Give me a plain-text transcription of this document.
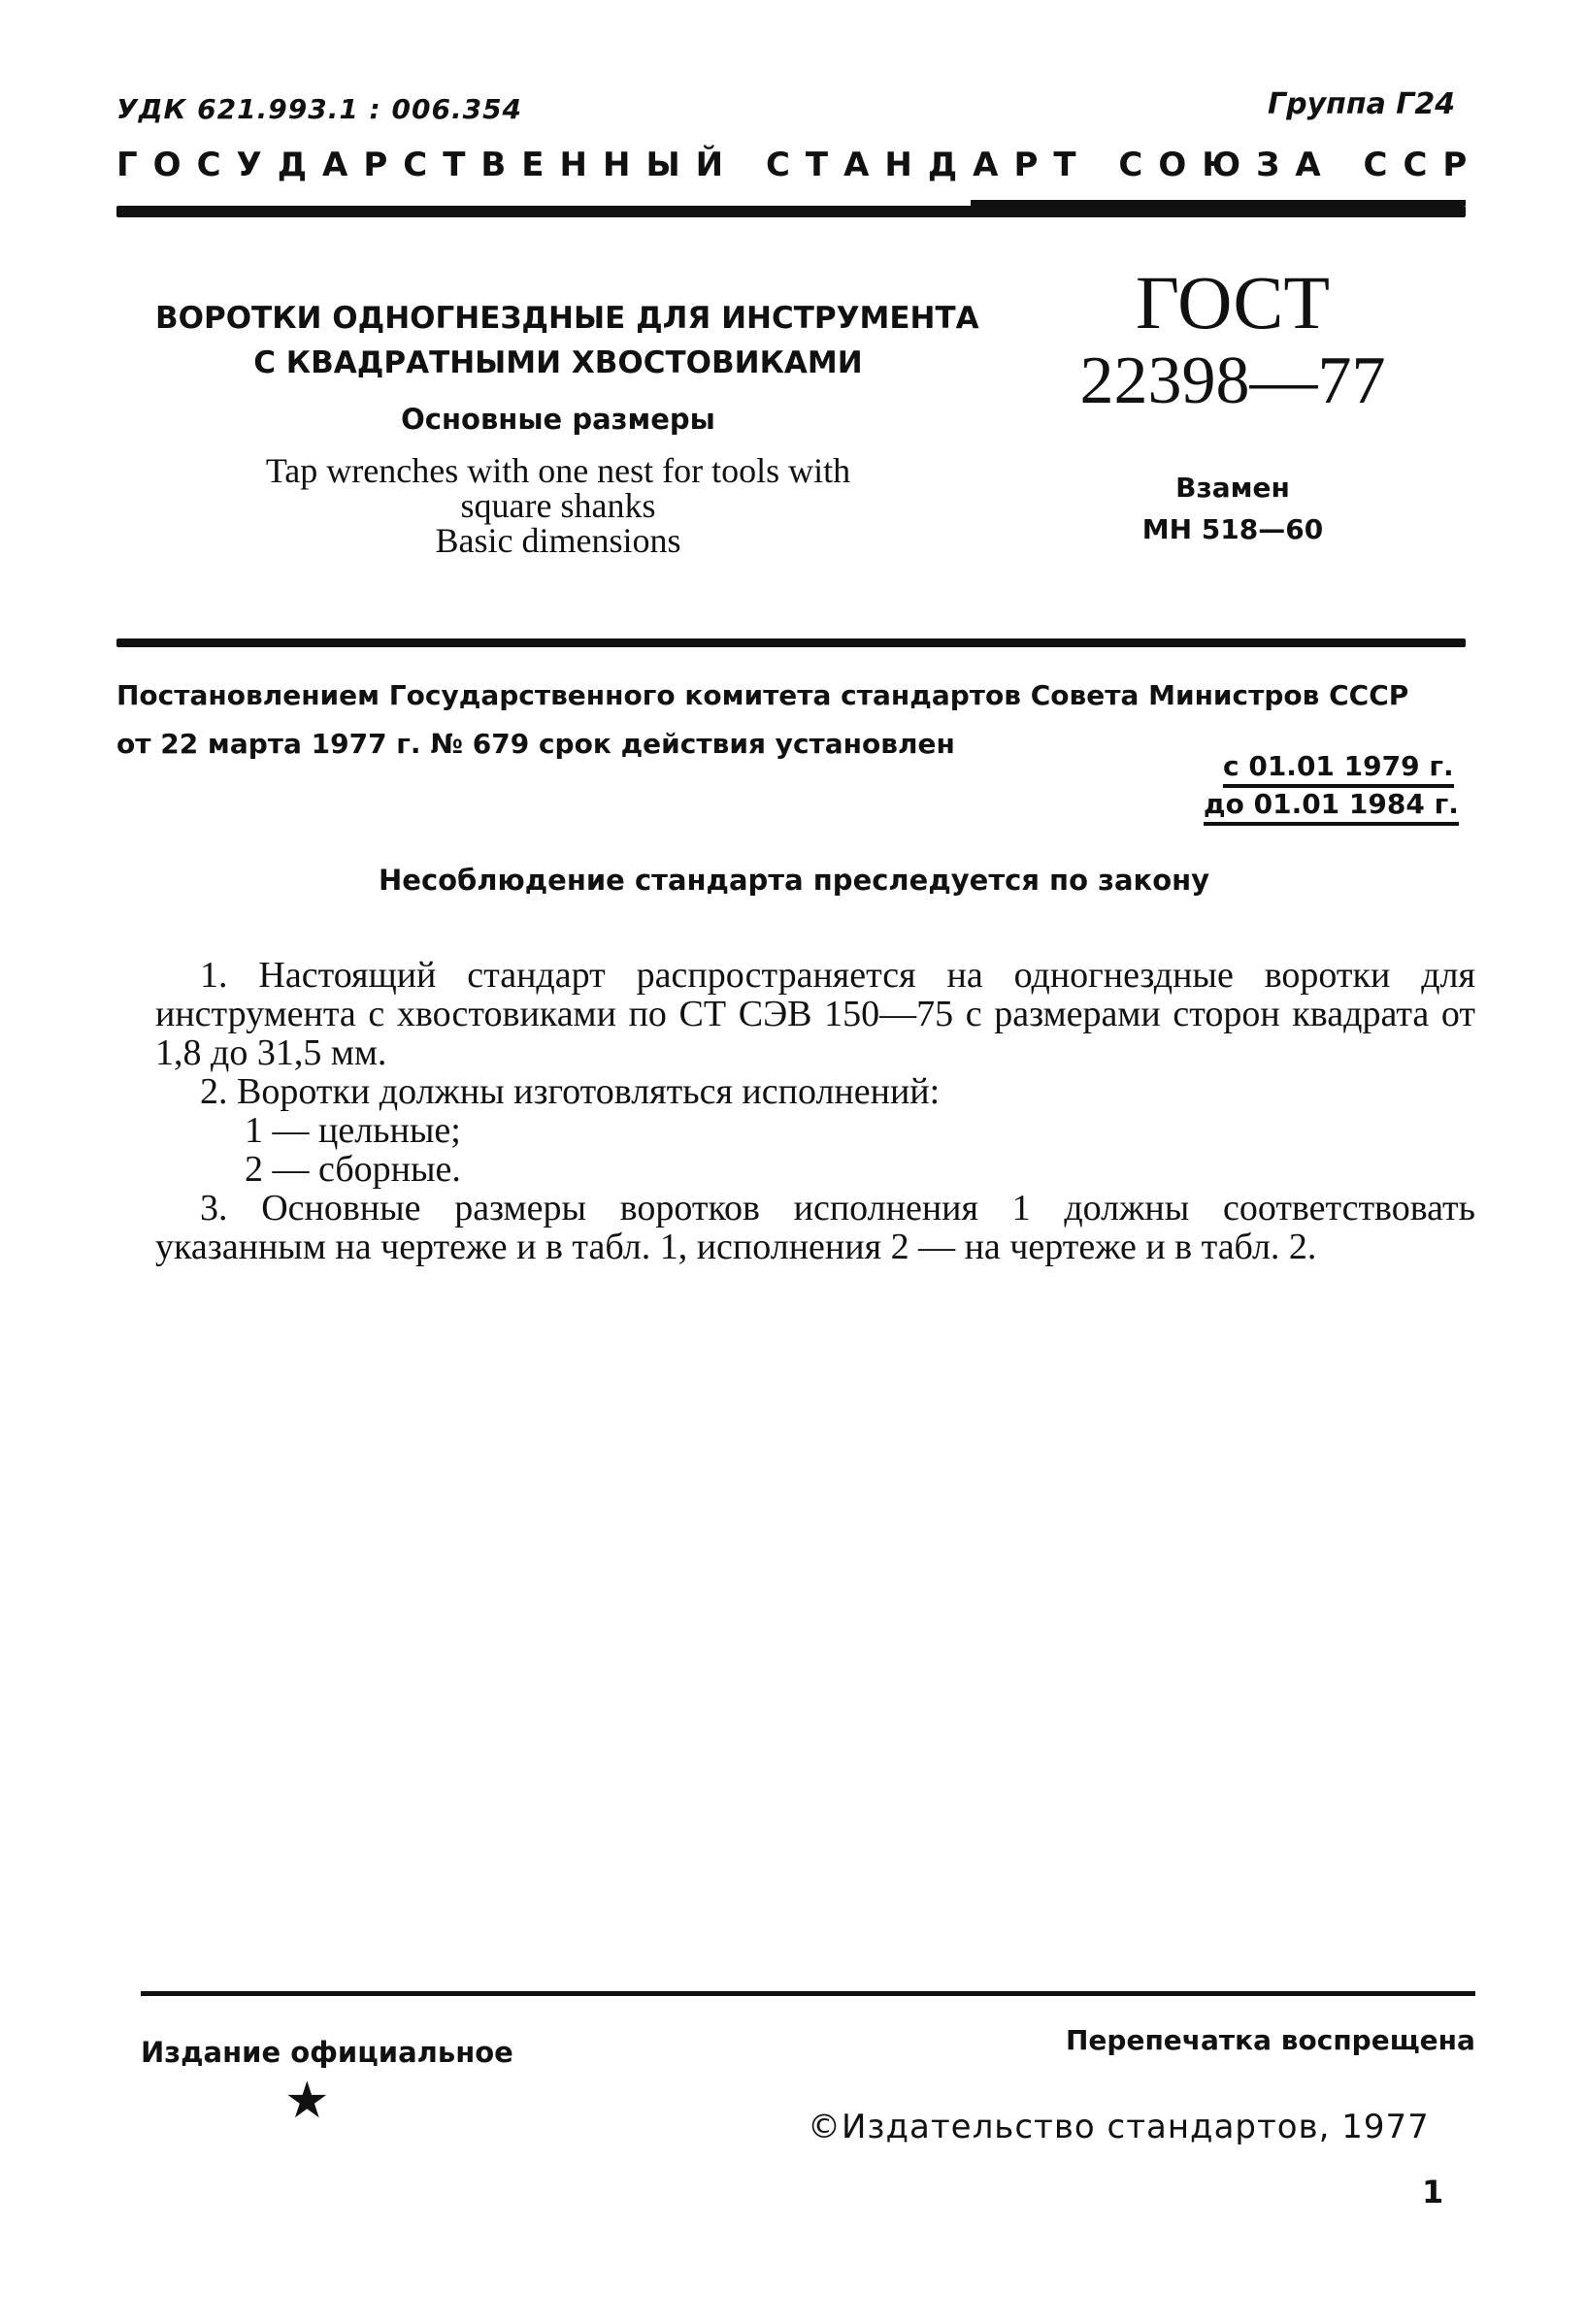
УДК 621.993.1 : 006.354	Группа Г24
ГОСУДАРСТВЕННЫЙ СТАНДАРТ СОЮЗА ССР
ВОРОТКИ ОДНОГНЕЗДНЫЕ ДЛЯ ИНСТРУМЕНТА
С КВАДРАТНЫМИ ХВОСТОВИКАМИ
Основные размеры
Tap wrenches with one nest for tools with
square shanks
Basic dimensions
ГОСТ
22398—77
Взамен
МН 518—60
Постановлением Государственного комитета стандартов Совета Министров СССР
от 22 марта 1977 г. № 679 срок действия установлен
с 01.01 1979 г.
до 01.01 1984 г.
Несоблюдение стандарта преследуется по закону

1. Настоящий стандарт распространяется на одногнездные воротки для инструмента с хвостовиками по СТ СЭВ 150—75 с размерами сторон квадрата от 1,8 до 31,5 мм.

2. Воротки должны изготовляться исполнений:

1 — цельные;

2 — сборные.

3. Основные размеры воротков исполнения 1 должны соответствовать указанным на чертеже и в табл. 1, исполнения 2 — на чертеже и в табл. 2.

Издание официальное
★
Перепечатка воспрещена
©Издательство стандартов, 1977
1
